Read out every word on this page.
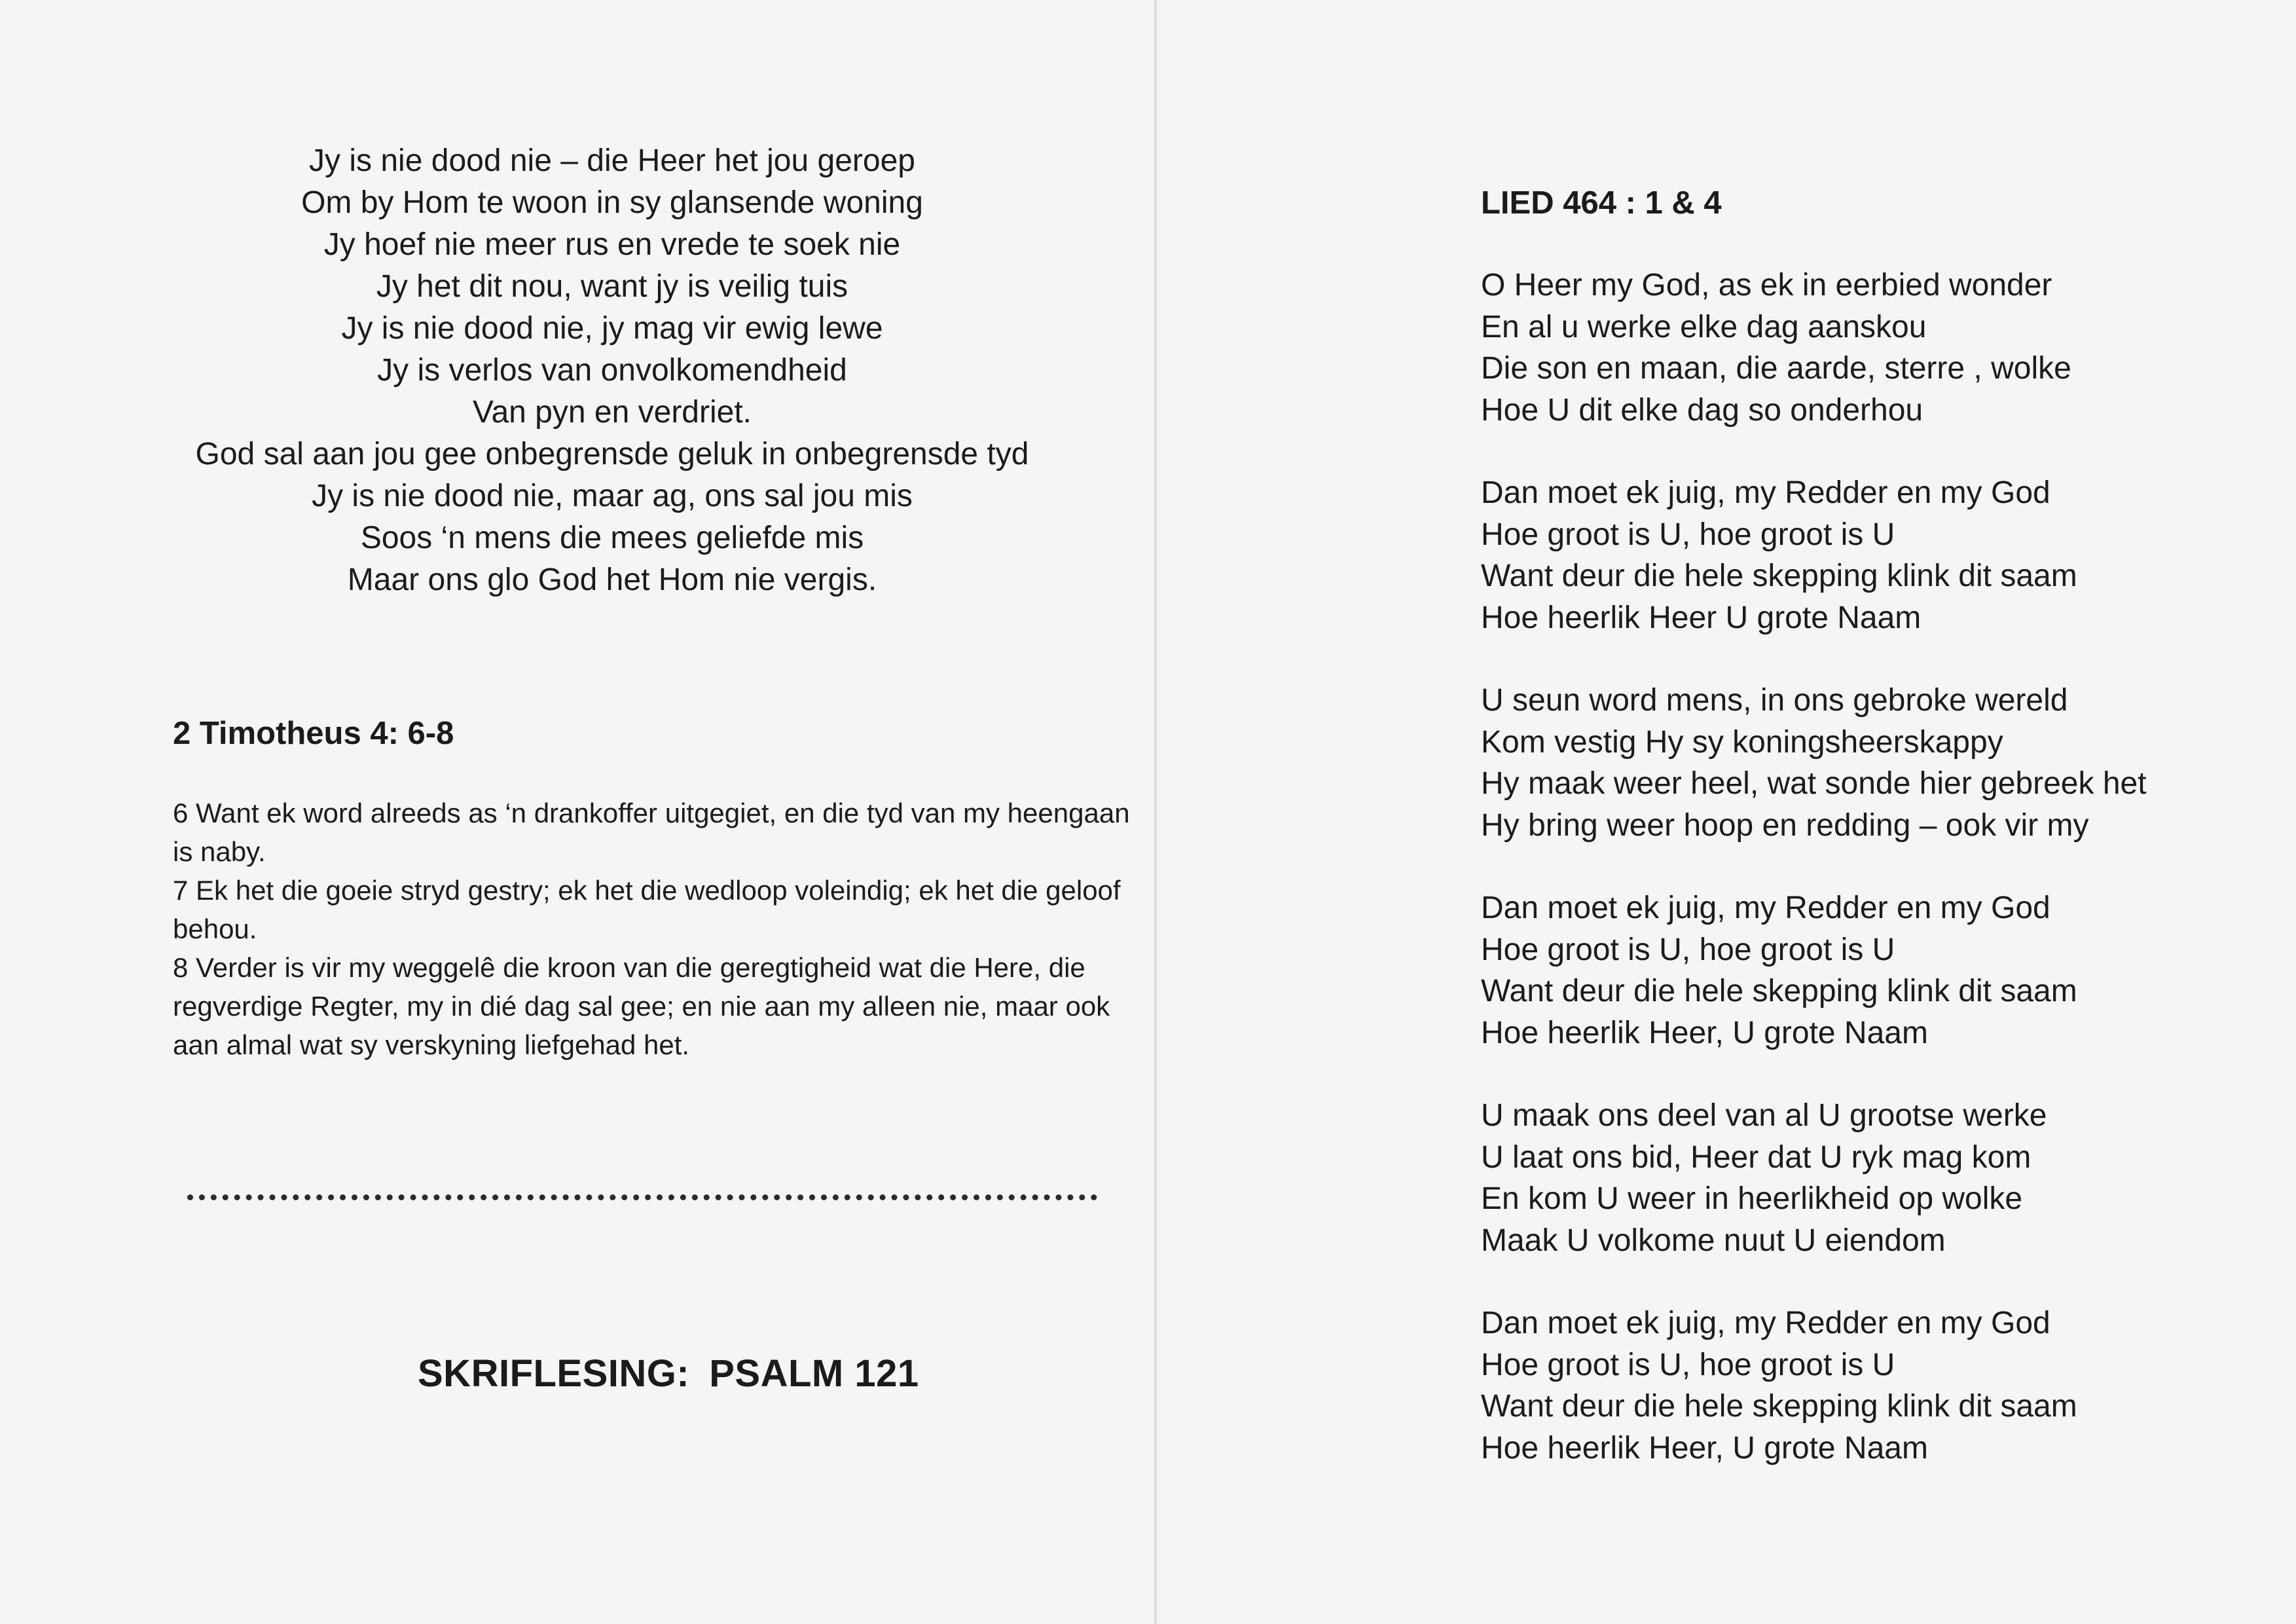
Jy is nie dood nie – die Heer het jou geroep
Om by Hom te woon in sy glansende woning
Jy hoef nie meer rus en vrede te soek nie
Jy het dit nou, want jy is veilig tuis
Jy is nie dood nie, jy mag vir ewig lewe
Jy is verlos van onvolkomendheid
Van pyn en verdriet.
God sal aan jou gee onbegrensde geluk in onbegrensde tyd
Jy is nie dood nie, maar ag, ons sal jou mis
Soos ‘n mens die mees geliefde mis
Maar ons glo God het Hom nie vergis.
2 Timotheus 4: 6-8
6 Want ek word alreeds as ‘n drankoffer uitgegiet, en die tyd van my heengaan is naby.
7 Ek het die goeie stryd gestry; ek het die wedloop voleindig; ek het die geloof behou.
8 Verder is vir my weggelê die kroon van die geregtigheid wat die Here, die regverdige Regter, my in dié dag sal gee; en nie aan my alleen nie, maar ook aan almal wat sy verskyning liefgehad het.
SKRIFLESING: PSALM 121
LIED 464 : 1 & 4
O Heer my God, as ek in eerbied wonder
En al u werke elke dag aanskou
Die son en maan, die aarde, sterre , wolke
Hoe U dit elke dag so onderhou
Dan moet ek juig, my Redder en my God
Hoe groot is U, hoe groot is U
Want deur die hele skepping klink dit saam
Hoe heerlik Heer U grote Naam
U seun word mens, in ons gebroke wereld
Kom vestig Hy sy koningsheerskappy
Hy maak weer heel, wat sonde hier gebreek het
Hy bring weer hoop en redding – ook vir my
Dan moet ek juig, my Redder en my God
Hoe groot is U, hoe groot is U
Want deur die hele skepping klink dit saam
Hoe heerlik Heer, U grote Naam
U maak ons deel van al U grootse werke
U laat ons bid, Heer dat U ryk mag kom
En kom U weer in heerlikheid op wolke
Maak U volkome nuut U eiendom
Dan moet ek juig, my Redder en my God
Hoe groot is U, hoe groot is U
Want deur die hele skepping klink dit saam
Hoe heerlik Heer, U grote Naam
